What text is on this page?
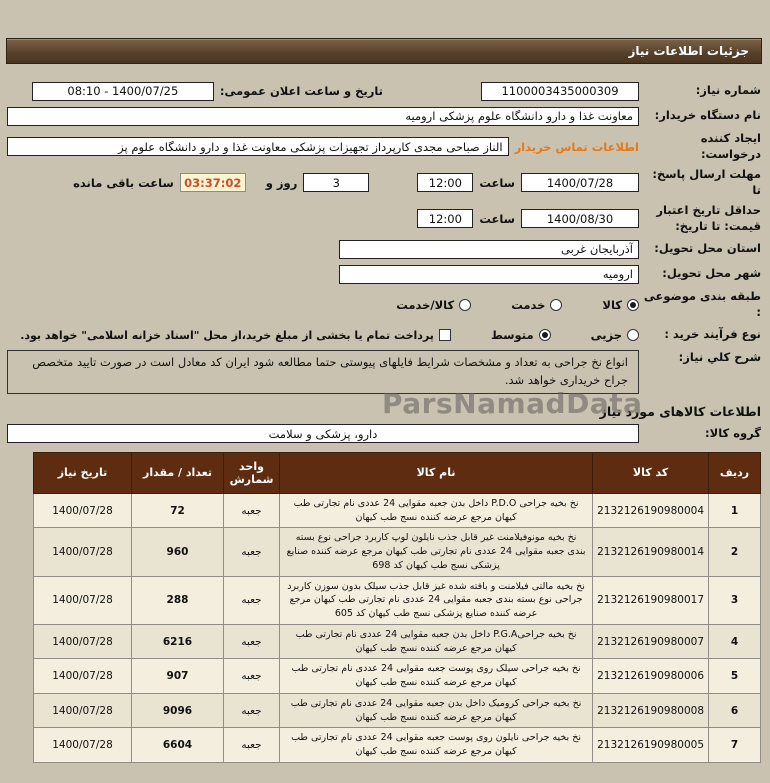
جزئیات اطلاعات نیاز
شماره نیاز:
1100003435000309
تاریخ و ساعت اعلان عمومی:
1400/07/25 - 08:10
نام دستگاه خریدار:
معاونت غذا و دارو دانشگاه علوم پزشکی ارومیه
ایجاد کننده درخواست:
اطلاعات تماس خریدار
الناز صباحی مجدی کارپرداز تجهیزات پزشکی معاونت غذا و دارو دانشگاه علوم پز
مهلت ارسال پاسخ: تا
1400/07/28
ساعت
12:00
3
روز و
03:37:02
ساعت باقی مانده
حداقل تاریخ اعتبار قیمت: تا تاریخ:
1400/08/30
ساعت
12:00
استان محل تحویل:
آذربایجان غربی
شهر محل تحویل:
ارومیه
طبقه بندی موضوعی :
کالا
خدمت
کالا/خدمت
نوع فرآیند خرید :
جزیی
متوسط
پرداخت تمام یا بخشی از مبلغ خرید،از محل "اسناد خزانه اسلامی" خواهد بود.
شرح کلي نیاز:
انواع نخ جراحی به تعداد و مشخصات شرایط فایلهای پیوستی حتما مطالعه شود ایران کد معادل است در صورت تایید متخصص جراح خریداری خواهد شد.
اطلاعات کالاهای مورد نیاز
گروه کالا:
دارو، پزشکی و سلامت
ردیف	کد کالا	نام کالا	واحد شمارش	تعداد / مقدار	تاریخ نیاز
1	2132126190980004	نخ بخیه جراحی P.D.O داخل بدن جعبه مقوایی 24 عددی نام تجارتی طب کیهان مرجع عرضه کننده نسج طب کیهان	جعبه	72	1400/07/28
2	2132126190980014	نخ بخیه مونوفیلامنت غیر قابل جذب نایلون لوپ کاربرد جراحی نوع بسته بندی جعبه مقوایی 24 عددی نام تجارتی طب کیهان مرجع عرضه کننده صنایع پزشکی نسج طب کیهان کد 698	جعبه	960	1400/07/28
3	2132126190980017	نخ بخیه مالتی فیلامنت و بافته شده غیز قابل جذب سیلک بدون سوزن کاربرد جراحی نوع بسته بندی جعبه مقوایی 24 عددی نام تجارتی طب کیهان مرجع عرضه کننده صنایع پزشکی نسج طب کیهان کد 605	جعبه	288	1400/07/28
4	2132126190980007	نخ بخیه جراحیP.G.A داخل بدن جعبه مقوایی 24 عددی نام تجارتی طب کیهان مرجع عرضه کننده نسج طب کیهان	جعبه	6216	1400/07/28
5	2132126190980006	نخ بخیه جراحی سیلک روی پوست جعبه مقوایی 24 عددی نام تجارتی طب کیهان مرجع عرضه کننده نسج طب کیهان	جعبه	907	1400/07/28
6	2132126190980008	نخ بخیه جراحی کرومیک داخل بدن جعبه مقوایی 24 عددی نام تجارتی طب کیهان مرجع عرضه کننده نسج طب کیهان	جعبه	9096	1400/07/28
7	2132126190980005	نخ بخیه جراحی نایلون روی پوست جعبه مقوایی 24 عددی نام تجارتی طب کیهان مرجع عرضه کننده نسج طب کیهان	جعبه	6604	1400/07/28
ParsNamadData
